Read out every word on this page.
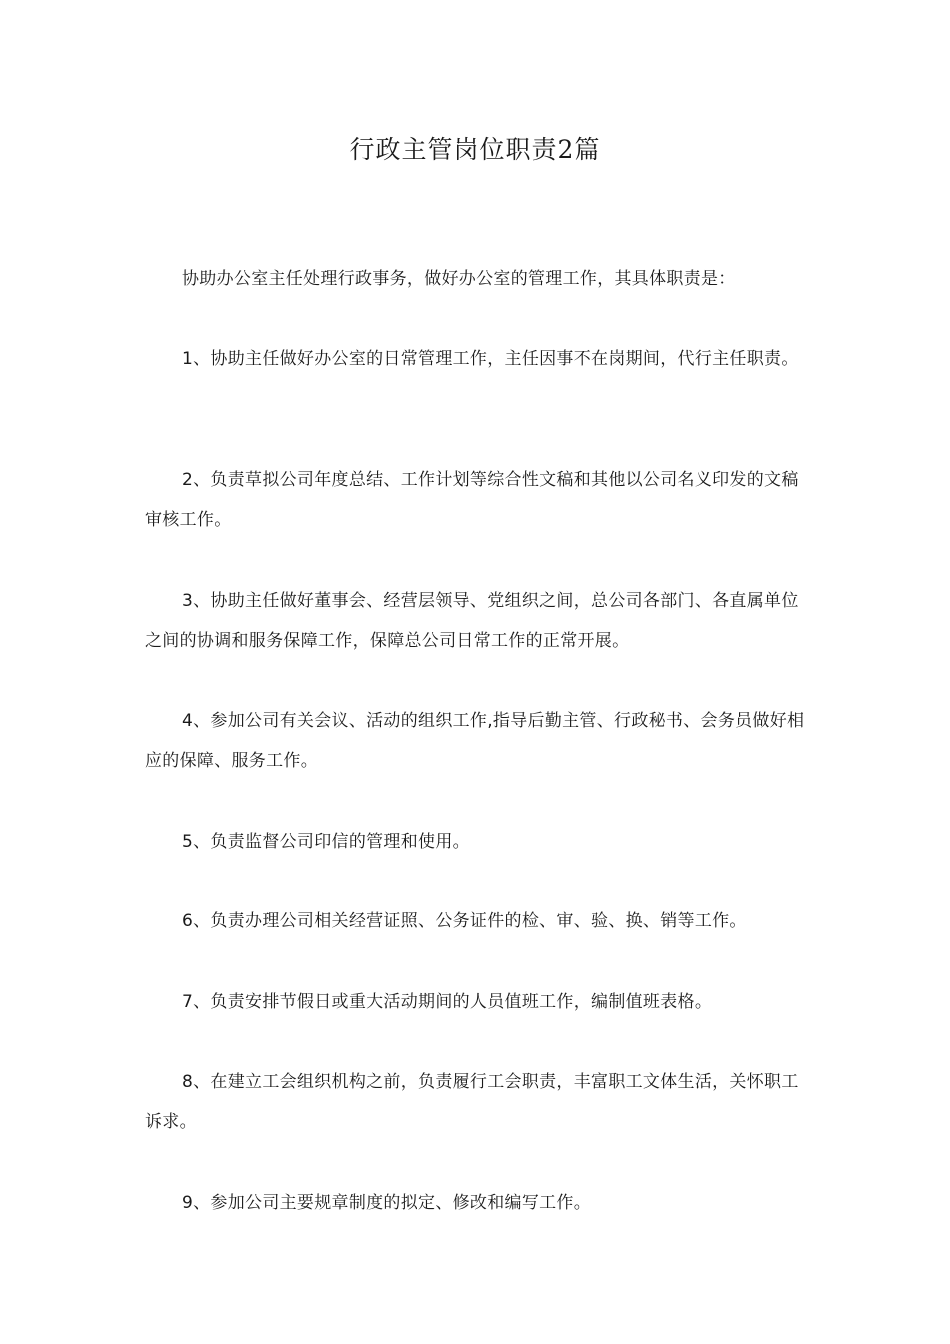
行政主管岗位职责2篇
协助办公室主任处理行政事务，做好办公室的管理工作，其具体职责是：
1、协助主任做好办公室的日常管理工作，主任因事不在岗期间，代行主任职责。
2、负责草拟公司年度总结、工作计划等综合性文稿和其他以公司名义印发的文稿审核工作。
3、协助主任做好董事会、经营层领导、党组织之间，总公司各部门、各直属单位之间的协调和服务保障工作，保障总公司日常工作的正常开展。
4、参加公司有关会议、活动的组织工作,指导后勤主管、行政秘书、会务员做好相应的保障、服务工作。
5、负责监督公司印信的管理和使用。
6、负责办理公司相关经营证照、公务证件的检、审、验、换、销等工作。
7、负责安排节假日或重大活动期间的人员值班工作，编制值班表格。
8、在建立工会组织机构之前，负责履行工会职责，丰富职工文体生活，关怀职工诉求。
9、参加公司主要规章制度的拟定、修改和编写工作。
